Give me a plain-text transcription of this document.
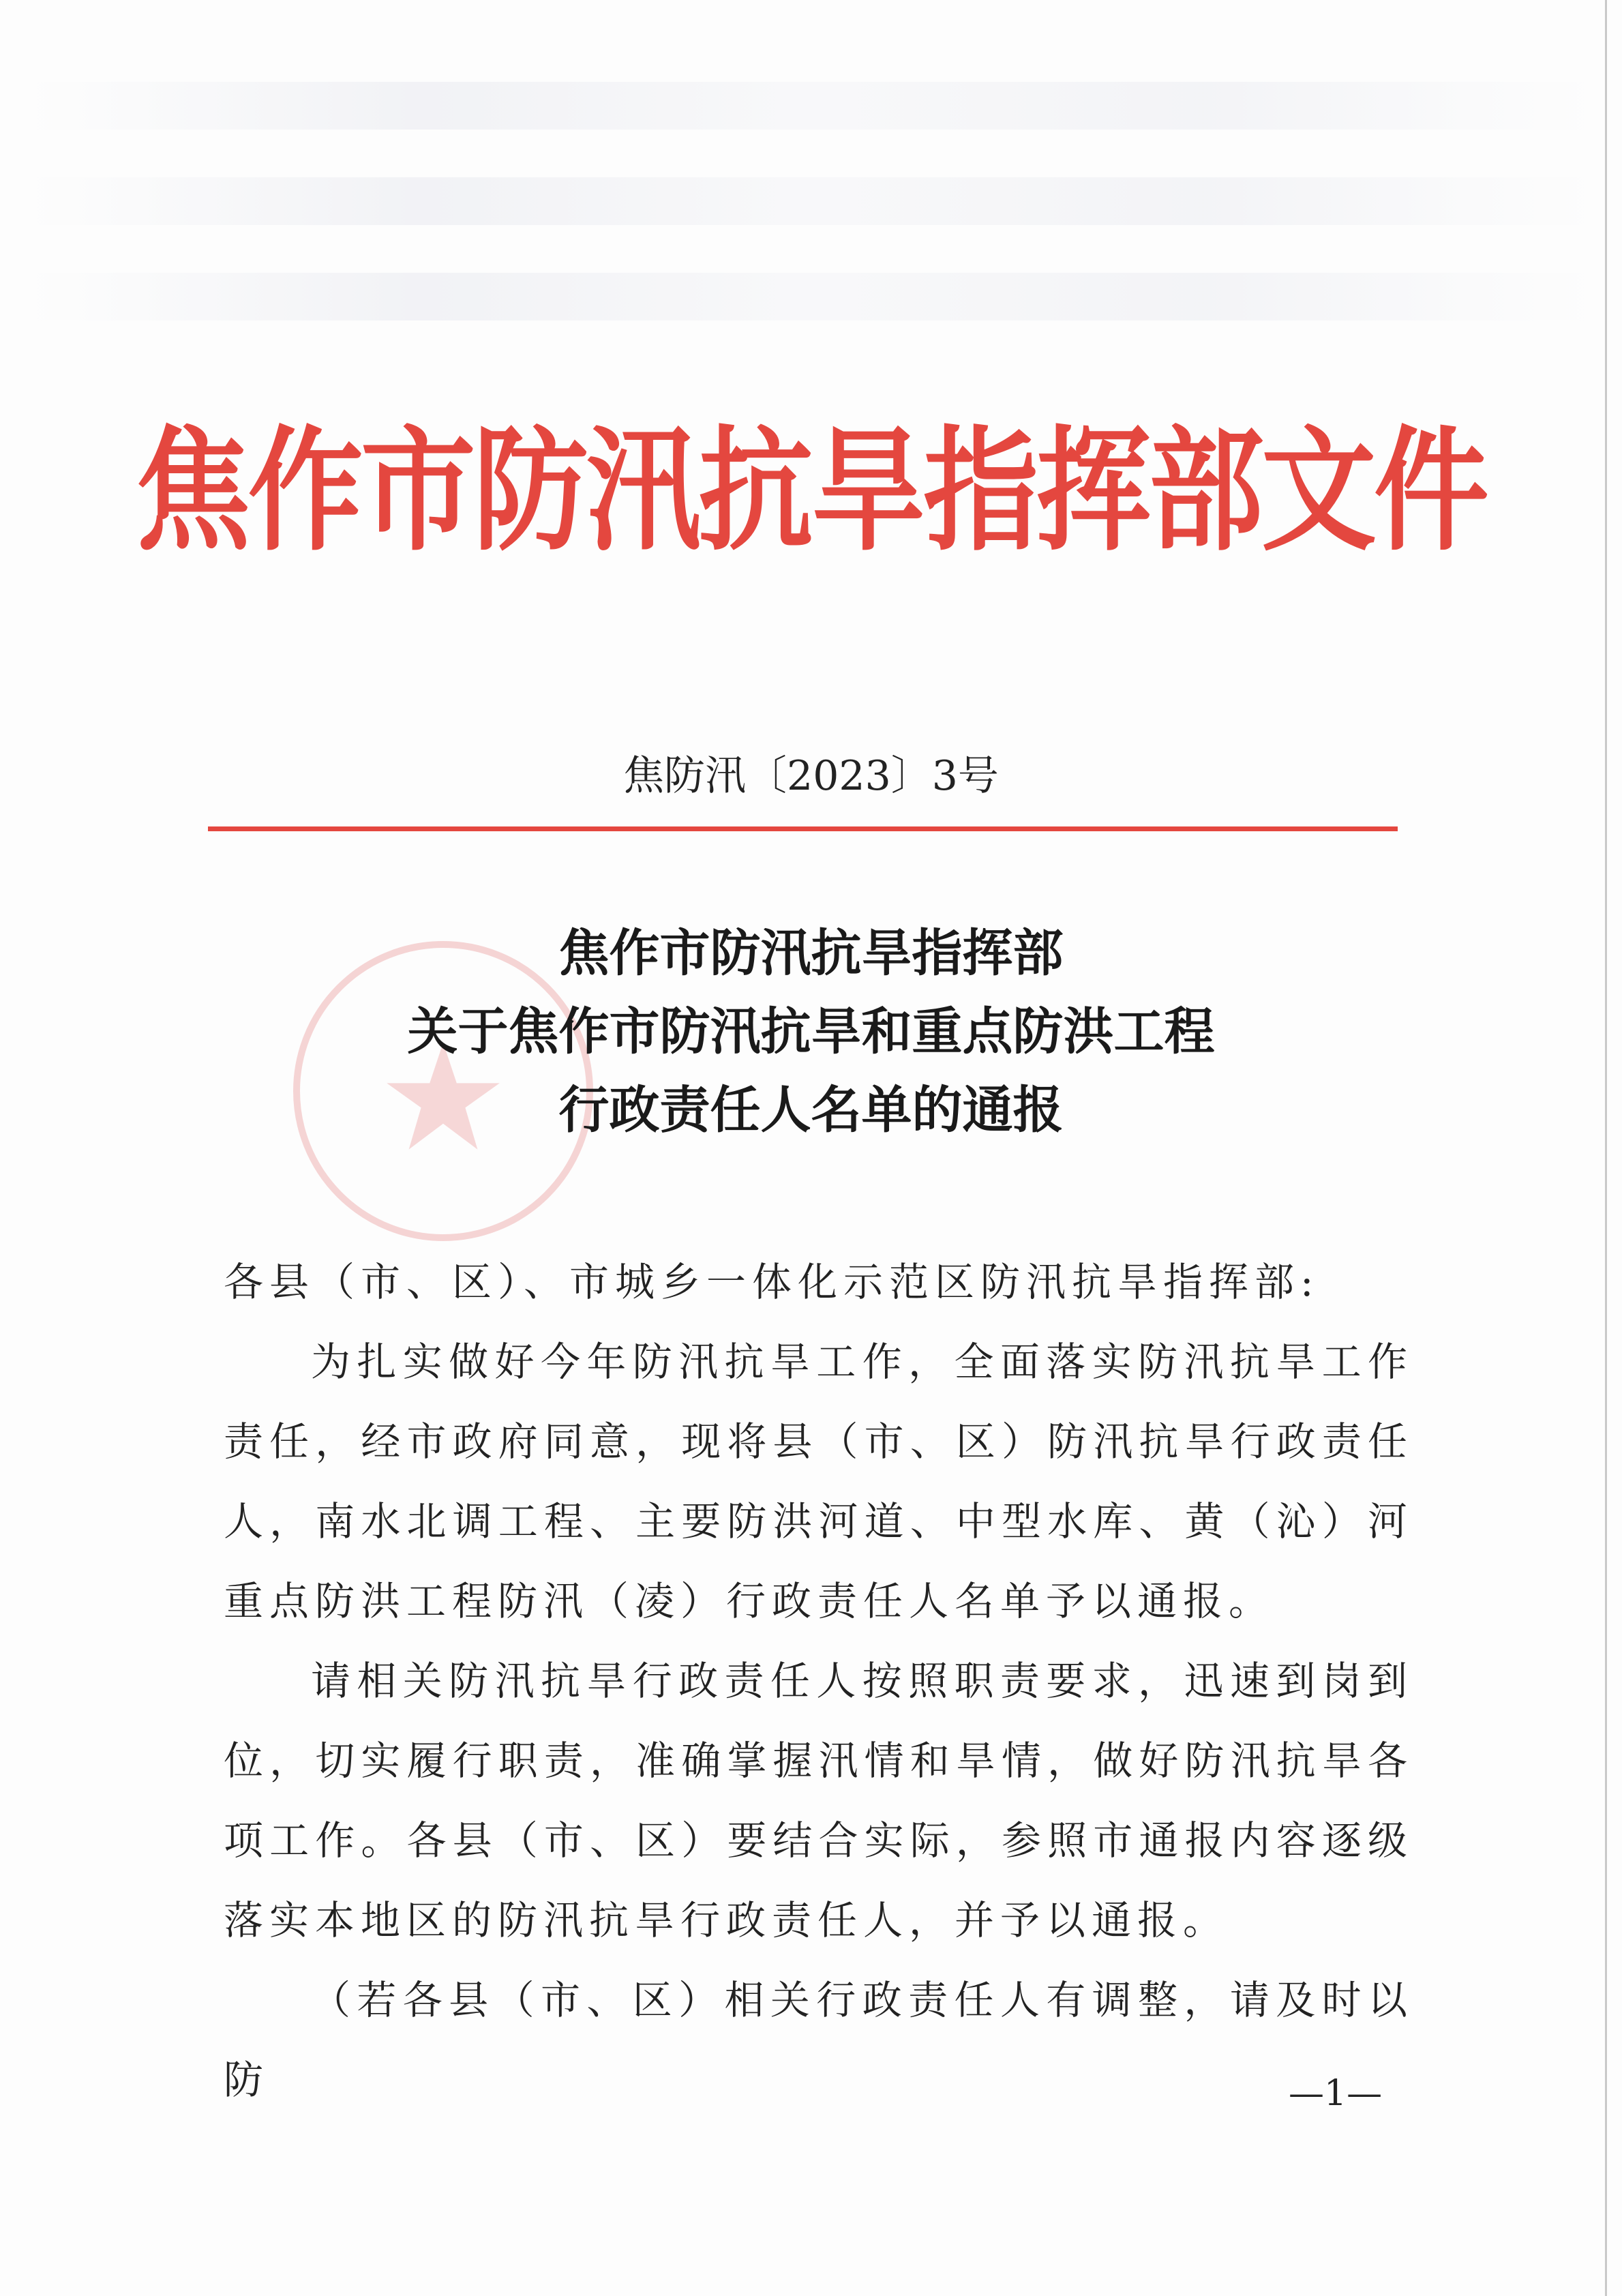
焦作市防汛抗旱指挥部文件
焦防汛〔2023〕3号
焦作市防汛抗旱指挥部
关于焦作市防汛抗旱和重点防洪工程
行政责任人名单的通报

各县（市、区）、市城乡一体化示范区防汛抗旱指挥部:

为扎实做好今年防汛抗旱工作，全面落实防汛抗旱工作责任，经市政府同意，现将县（市、区）防汛抗旱行政责任人，南水北调工程、主要防洪河道、中型水库、黄（沁）河重点防洪工程防汛（凌）行政责任人名单予以通报。

请相关防汛抗旱行政责任人按照职责要求，迅速到岗到位，切实履行职责，准确掌握汛情和旱情，做好防汛抗旱各项工作。各县（市、区）要结合实际，参照市通报内容逐级落实本地区的防汛抗旱行政责任人，并予以通报。

（若各县（市、区）相关行政责任人有调整，请及时以防	—1—
